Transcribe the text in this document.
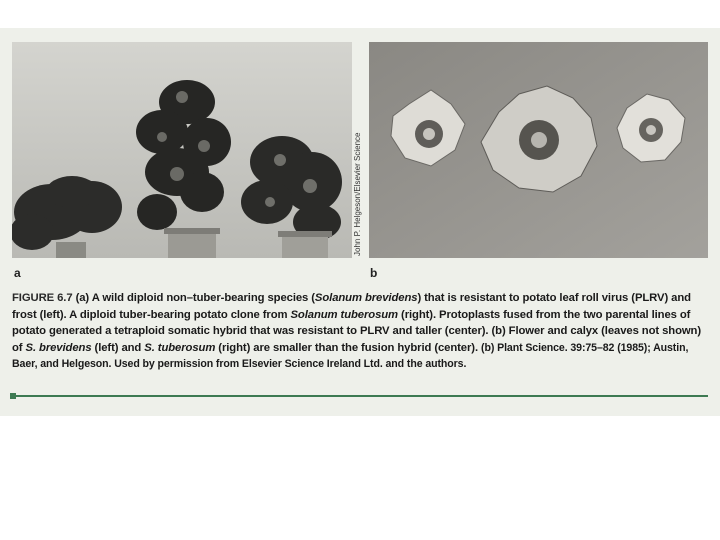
John P. Helgeson/Elsevier Science

a	b
FIGURE 6.7 (a) A wild diploid non–tuber-bearing species (Solanum brevidens) that is resistant to potato leaf roll virus (PLRV) and frost (left). A diploid tuber-bearing potato clone from Solanum tuberosum (right). Protoplasts fused from the two parental lines of potato generated a tetraploid somatic hybrid that was resistant to PLRV and taller (center). (b) Flower and calyx (leaves not shown) of S. brevidens (left) and S. tuberosum (right) are smaller than the fusion hybrid (center). (b) Plant Science. 39:75–82 (1985); Austin, Baer, and Helgeson. Used by permission from Elsevier Science Ireland Ltd. and the authors.
